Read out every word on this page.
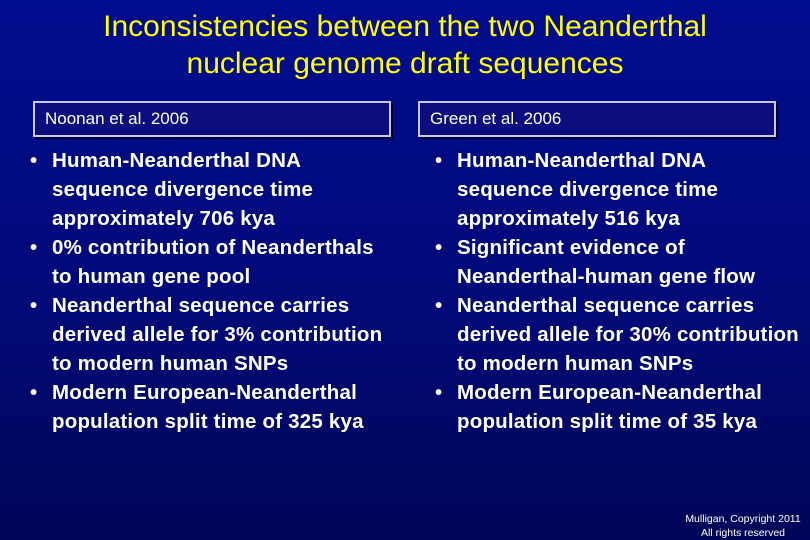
Inconsistencies between the two Neanderthal
nuclear genome draft sequences
Noonan et al. 2006	Green et al. 2006
• Human-Neanderthal DNA sequence divergence time approximately 706 kya
• 0% contribution of Neanderthals to human gene pool
• Neanderthal sequence carries derived allele for 3% contribution to modern human SNPs
• Modern European-Neanderthal population split time of 325 kya
• Human-Neanderthal DNA sequence divergence time approximately 516 kya
• Significant evidence of Neanderthal-human gene flow
• Neanderthal sequence carries derived allele for 30% contribution to modern human SNPs
• Modern European-Neanderthal population split time of 35 kya
Mulligan, Copyright 2011
All rights reserved
